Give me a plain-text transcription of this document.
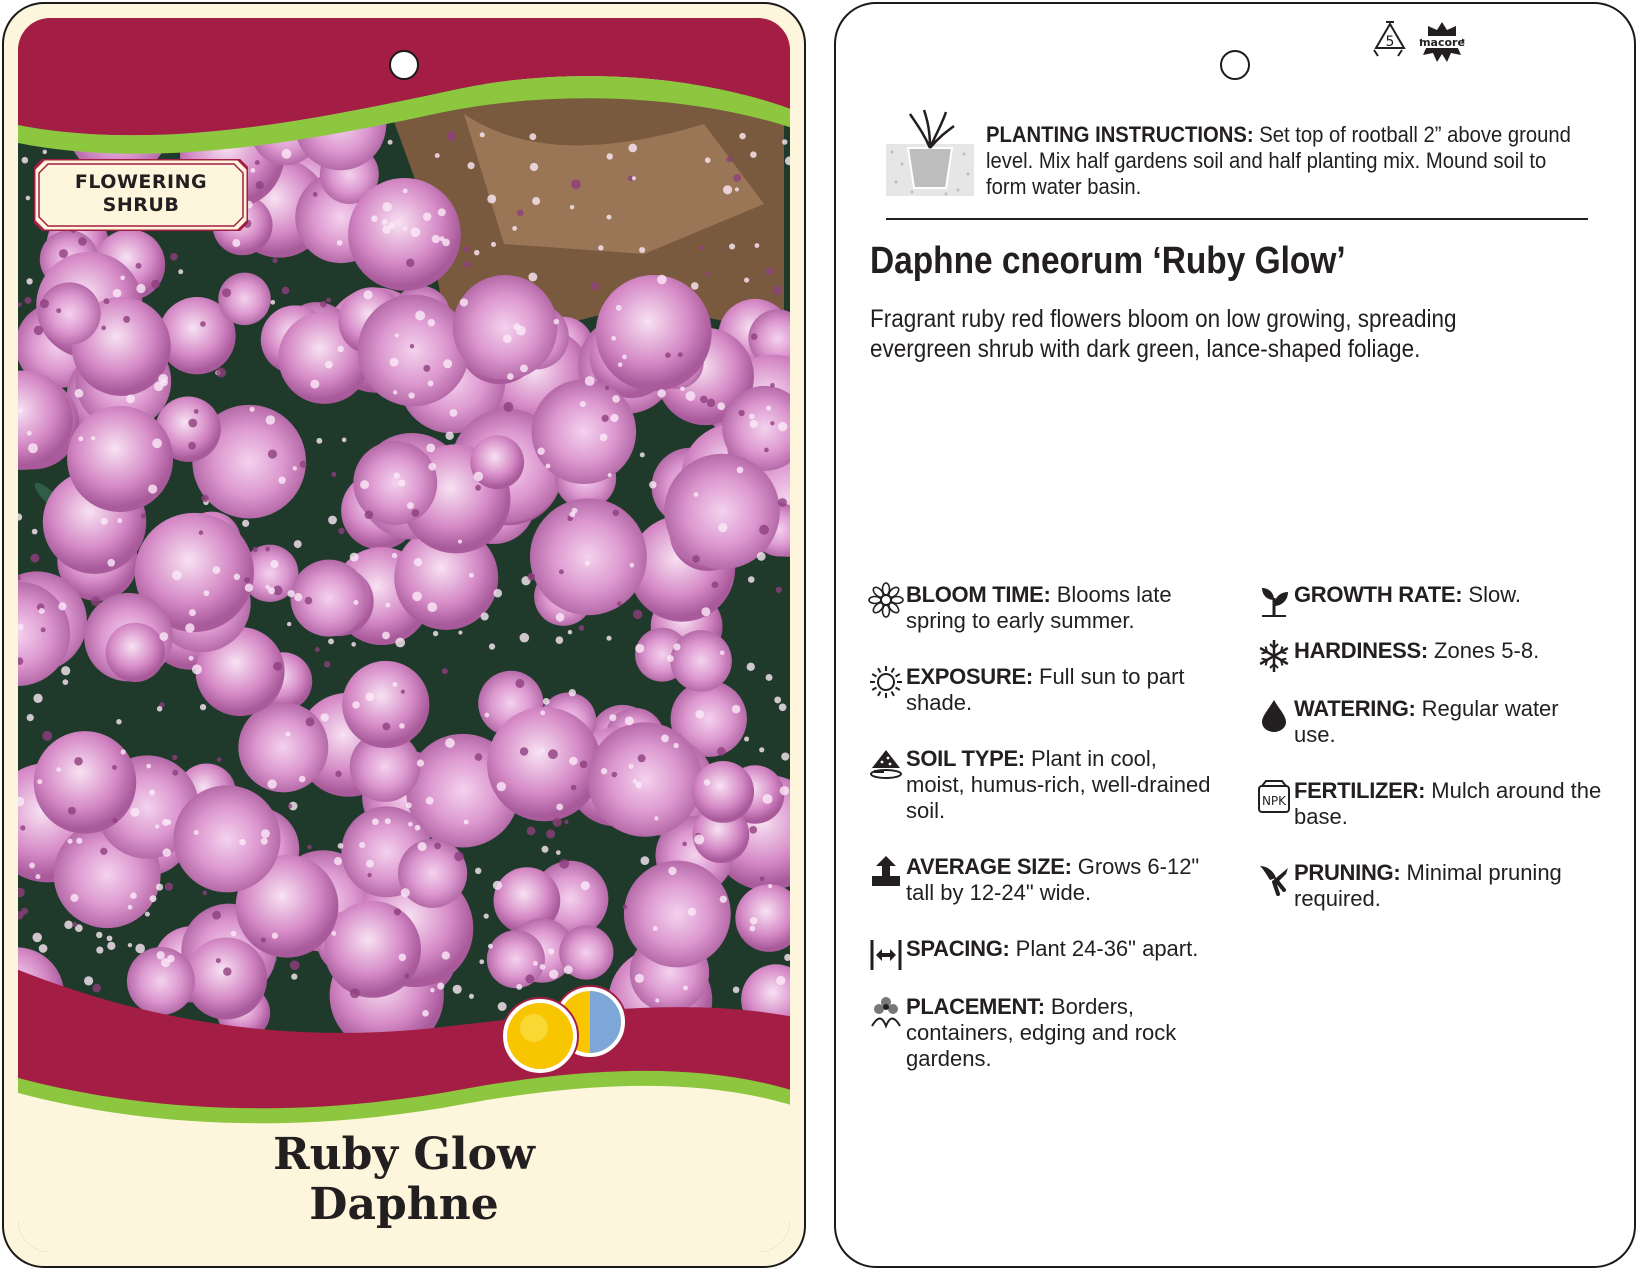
FLOWERING
SHRUB
Ruby Glow
Daphne
5 macore
PLANTING INSTRUCTIONS: Set top of rootball 2” above ground level. Mix half gardens soil and half planting mix. Mound soil to form water basin.
Daphne cneorum ‘Ruby Glow’
Fragrant ruby red flowers bloom on low growing, spreading evergreen shrub with dark green, lance-shaped foliage.
BLOOM TIME: Blooms late spring to early summer.
EXPOSURE: Full sun to part shade.
SOIL TYPE: Plant in cool, moist, humus-rich, well-drained soil.
AVERAGE SIZE: Grows 6-12" tall by 12-24" wide.
SPACING: Plant 24-36" apart.
PLACEMENT: Borders, containers, edging and rock gardens.
GROWTH RATE: Slow.
HARDINESS: Zones 5-8.
WATERING: Regular water use.
NPK FERTILIZER: Mulch around the base.
PRUNING: Minimal pruning required.
